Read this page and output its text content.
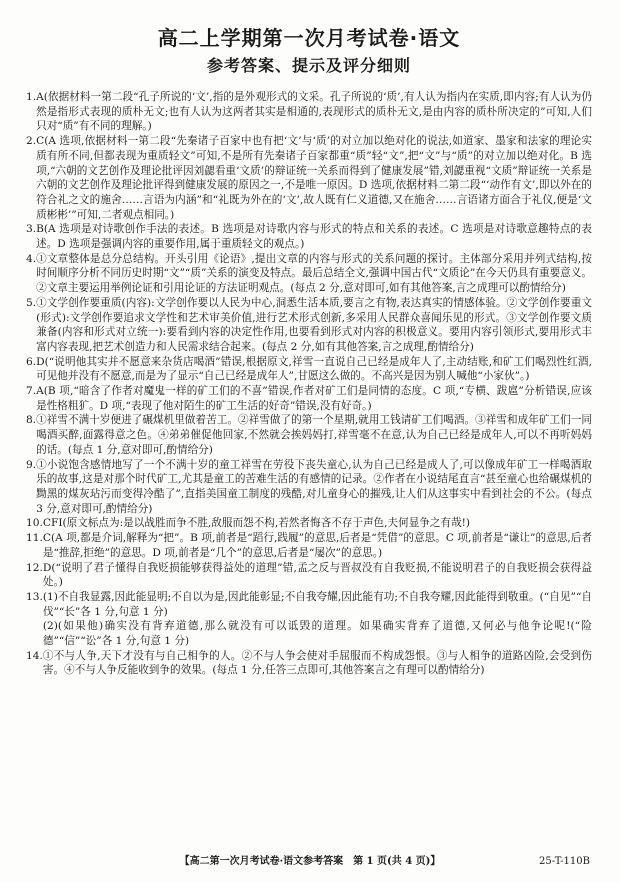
高二上学期第一次月考试卷·语文
参考答案、提示及评分细则
1. A(依据材料一第二段“孔子所说的‘文’,指的是外观形式的文采。孔子所说的‘质’,有人认为指内在实质,即内容;有人认为仍然是指形式表现的质朴无文;也有人认为这两者其实是相通的,表现形式的质朴无文,是由内容的质朴所决定的”可知,人们只对“质”有不同的理解。)
2. C(A 选项,依据材料一第二段“先秦诸子百家中也有把‘文’与‘质’的对立加以绝对化的说法,如道家、墨家和法家的理论实质有所不同,但都表现为重质轻文”可知,不是所有先秦诸子百家都重“质”轻“文”,把“文”与“质”的对立加以绝对化。B 选项,“六朝的文艺创作及理论批评因刘勰看重‘文质’的辩证统一关系而得到了健康发展”错,刘勰重视“文质”辩证统一关系是六朝的文艺创作及理论批评得到健康发展的原因之一,不是唯一原因。D 选项,依据材料二第二段“‘动作有文’,即以外在的符合礼之文的施舍……言语为内涵”和“礼既为外在的‘文’,故人既有仁义道德,又在施舍……言语诸方面合于礼仪,便是‘文质彬彬’”可知,二者观点相同。)
3. B(A 选项是对诗歌创作手法的表述。B 选项是对诗歌内容与形式的特点和关系的表述。C 选项是对诗歌意趣特点的表述。D 选项是强调内容的重要作用,属于重质轻文的观点。)
4. ①文章整体是总分总结构。开头引用《论语》,提出文章的内容与形式的关系问题的探讨。主体部分采用并列式结构,按时间顺序分析不同历史时期“文”“质”关系的演变及特点。最后总结全文,强调中国古代“文质论”在今天仍具有重要意义。②文章主要运用举例论证和引用论证的方法证明观点。(每点 2 分,意对即可,如有其他答案,言之成理可以酌情给分)
5. ①文学创作要重质(内容):文学创作要以人民为中心,洞悉生活本质,要言之有物,表达真实的情感体验。②文学创作要重文(形式):文学创作要追求文学性和艺术审美价值,进行艺术形式创新,多采用人民群众喜闻乐见的形式。③文学创作要文质兼备(内容和形式对立统一):要看到内容的决定性作用,也要看到形式对内容的积极意义。要用内容引领形式,要用形式丰富内容表现,把艺术创造力和人民需求结合起来。(每点 2 分,如有其他答案,言之成理,酌情给分)
6. D(“说明他其实并不愿意来杂货店喝酒”错误,根据原文,祥雪一直说自己已经是成年人了,主动结账,和矿工们喝烈性红酒,可见他并没有不愿意,而是为了显示“自己已经是成年人”,甘愿这么做的。不高兴是因为别人喊他“小家伙”。)
7. A(B 项,“暗含了作者对魔鬼一样的矿工们的不喜”错误,作者对矿工们是同情的态度。C 项,“专横、跋扈”分析错误,应该是性格粗犷。D 项,“表现了他对陌生的矿工生活的好奇”错误,没有好奇。)
8. ①祥雪不满十岁便进了碾煤机里做着苦工。②祥雪做了的第一个星期,就用工钱请矿工们喝酒。③祥雪和成年矿工们一同喝酒买醉,面露得意之色。④弟弟催促他回家,不然就会挨妈妈打,祥雪毫不在意,认为自己已经是成年人,可以不再听妈妈的话。(每点 1 分,意对即可,酌情给分)
9. ①小说饱含感情地写了一个不满十岁的童工祥雪在劳役下丧失童心,认为自己已经是成人了,可以像成年矿工一样喝酒取乐的故事,这是对那个时代矿工,尤其是童工的苦难生活的有感情的记录。②作者在小说结尾直言“甚至童心也给碾煤机的黝黑的煤灰玷污而变得冷酷了”,直指美国童工制度的残酷,对儿童身心的摧残,让人们从这事实中看到社会的不公。(每点 3 分,意对即可,酌情给分)
10. CFI(原文标点为:是以战胜而争不胜,敌服而怨不构,若然者悔吝不存于声色,夫何显争之有哉!)
11. C(A 项,都是介词,解释为“把”。B 项,前者是“蹈行,践履”的意思,后者是“凭借”的意思。C 项,前者是“谦让”的意思,后者是“推辞,拒绝”的意思。D 项,前者是“几个”的意思,后者是“屡次”的意思。)
12. D(“说明了君子懂得自我贬损能够获得益处的道理”错,孟之反与晋叔没有自我贬损,不能说明君子的自我贬损会获得益处。)
13. (1)不自我显露,因此能显明;不自以为是,因此能彰显;不自我夸耀,因此能有功;不自我夸耀,因此能得到敬重。(“自见”“自伐”“长”各 1 分,句意 1 分)

(2)(如果他)确实没有背弃道德,那么就没有可以诋毁的道理。如果确实背弃了道德,又何必与他争论呢!(“险德”“信”“讼”各 1 分,句意 1 分)

14. ①不与人争,天下才没有与自己相争的人。②不与人争会使对手屈服而不构成怨恨。③与人相争的道路凶险,会受到伤害。④不与人争反能收到争的效果。(每点 1 分,任答三点即可,其他答案言之有理可以酌情给分)
【高二第一次月考试卷·语文参考答案　第 1 页(共 4 页)】	25-T-110B
